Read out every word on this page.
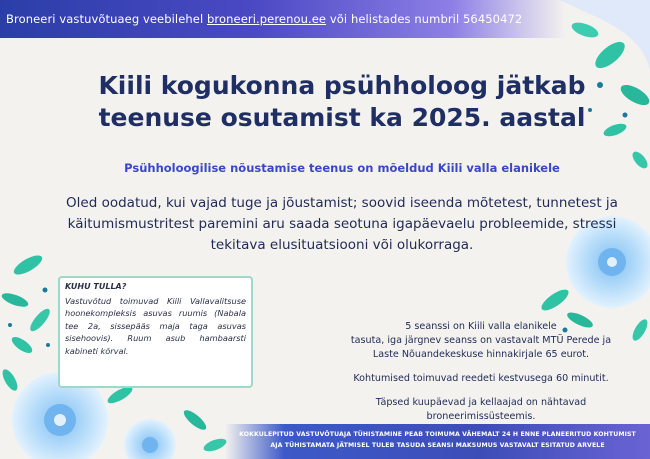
Broneeri vastuvõtuaeg veebilehel broneeri.perenou.ee või helistades numbril 56450472
Kiili kogukonna psühholoog jätkab
teenuse osutamist ka 2025. aastal
Psühholoogilise nõustamise teenus on mõeldud Kiili valla elanikele
Oled oodatud, kui vajad tuge ja jõustamist; soovid iseenda mõtetest, tunnetest ja käitumismustritest paremini aru saada seotuna igapäevaelu probleemide, stressi tekitava elusituatsiooni või olukorraga.
KUHU TULLA?
Vastuvõtud toimuvad Kiili Vallavalitsuse hoonekompleksis asuvas ruumis (Nabala tee 2a, sissepääs maja taga asuvas sisehoovis). Ruum asub hambaarsti kabineti kõrval.

5 seanssi on Kiili valla elanikele

tasuta, iga järgnev seanss on vastavalt MTÜ Perede ja

Laste Nõuandekeskuse hinnakirjale 65 eurot.

Kohtumised toimuvad reedeti kestvusega 60 minutit.

Täpsed kuupäevad ja kellaajad on nähtavad broneerimissüsteemis.

KOKKULEPITUD VASTUVÕTUAJA TÜHISTAMINE PEAB TOIMUMA VÄHEMALT 24 H ENNE PLANEERITUD KOHTUMIST
AJA TÜHISTAMATA JÄTMISEL TULEB TASUDA SEANSI MAKSUMUS VASTAVALT ESITATUD ARVELE
